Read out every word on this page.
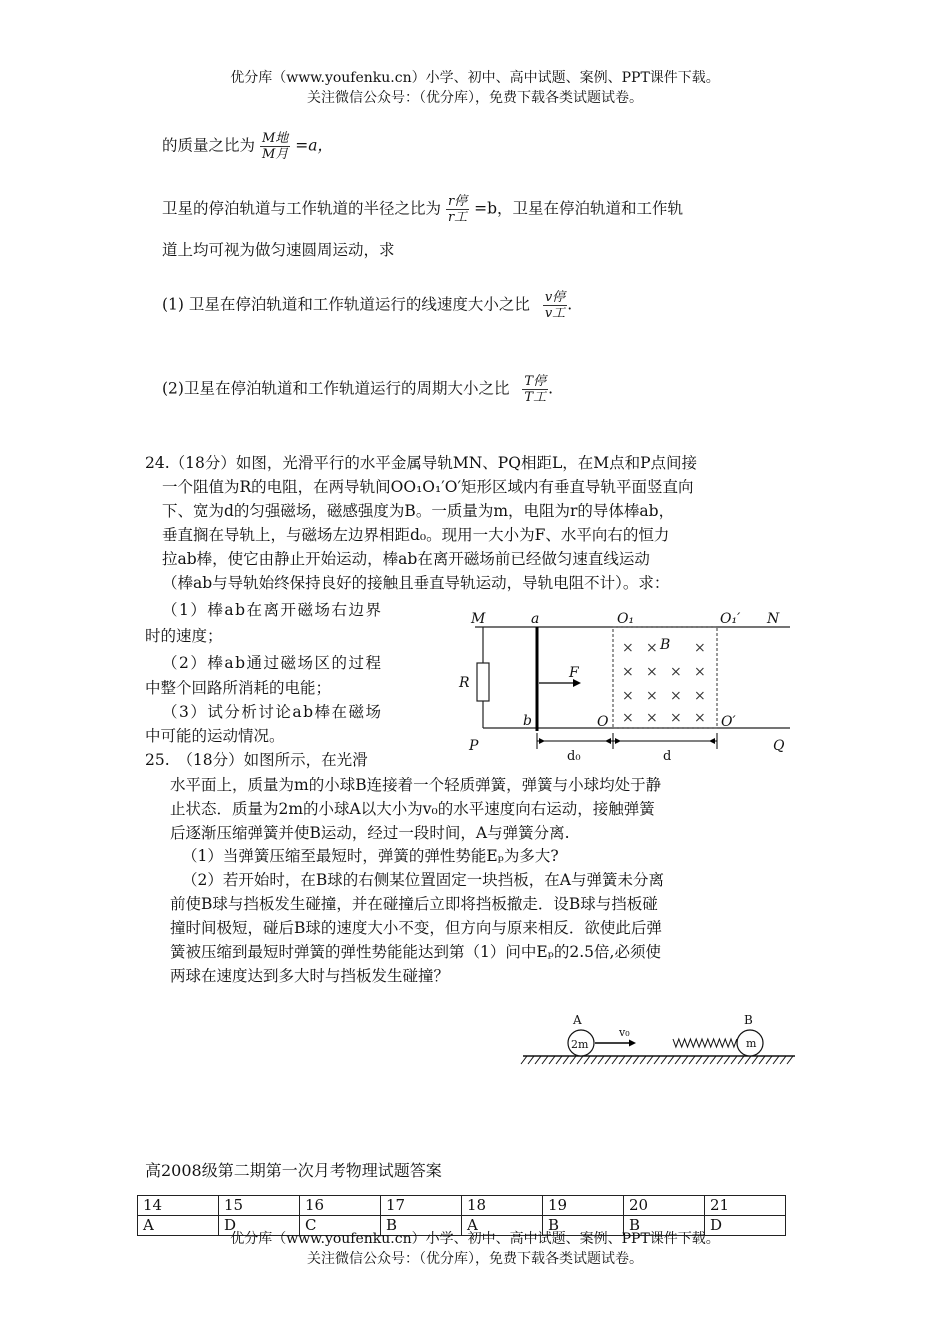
优分库（www.youfenku.cn）小学、初中、高中试题、案例、PPT课件下载。
关注微信公众号：（优分库），免费下载各类试题试卷。
的质量之比为 $\frac{\text{M地}}{\text{M月}} =a$，
卫星的停泊轨道与工作轨道的半径之比为 $\frac{\text{r停}}{\text{r工}} =b$，卫星在停泊轨道和工作轨
道上均可视为做匀速圆周运动，求
(1) 卫星在停泊轨道和工作轨道运行的线速度大小之比 $\frac{\text{v停}}{\text{v工}}$ .
(2)卫星在停泊轨道和工作轨道运行的周期大小之比 $\frac{\text{T停}}{\text{T工}}$ .
24.（18分）如图，光滑平行的水平金属导轨MN、PQ相距L，在M点和P点间接
一个阻值为R的电阻，在两导轨间OO₁O₁′O′矩形区域内有垂直导轨平面竖直向
下、宽为d的匀强磁场，磁感强度为B。一质量为m，电阻为r的导体棒ab，
垂直搁在导轨上，与磁场左边界相距d₀。现用一大小为F、水平向右的恒力
拉ab棒，使它由静止开始运动，棒ab在离开磁场前已经做匀速直线运动
（棒ab与导轨始终保持良好的接触且垂直导轨运动，导轨电阻不计）。求：
（1）棒ab在离开磁场右边界
时的速度；
（2）棒ab通过磁场区的过程
中整个回路所消耗的电能；
（3）试分析讨论ab棒在磁场
中可能的运动情况。
×
×
×
×
×
×
×
×
×
×
×
×
×
×
×
M	a	O₁	O₁′ N
B
R
F
b	O	O′
P	Q
d₀	d
25.　（18分）如图所示，在光滑
水平面上，质量为m的小球B连接着一个轻质弹簧，弹簧与小球均处于静
止状态．质量为2m的小球A以大小为v₀的水平速度向右运动，接触弹簧
后逐渐压缩弹簧并使B运动，经过一段时间，A与弹簧分离.
（1）当弹簧压缩至最短时，弹簧的弹性势能Eₚ为多大?
（2）若开始时，在B球的右侧某位置固定一块挡板，在A与弹簧未分离
前使B球与挡板发生碰撞，并在碰撞后立即将挡板撤走．设B球与挡板碰
撞时间极短，碰后B球的速度大小不变，但方向与原来相反．欲使此后弹
簧被压缩到最短时弹簧的弹性势能能达到第（1）问中Eₚ的2.5倍,必须使
两球在速度达到多大时与挡板发生碰撞？
2m
A
v₀
m
B
高2008级第二期第一次月考物理试题答案
14	15	16	17	18	19	20	21
A	D	C	B	A	B	B	D
优分库（www.youfenku.cn）小学、初中、高中试题、案例、PPT课件下载。
关注微信公众号：（优分库），免费下载各类试题试卷。
